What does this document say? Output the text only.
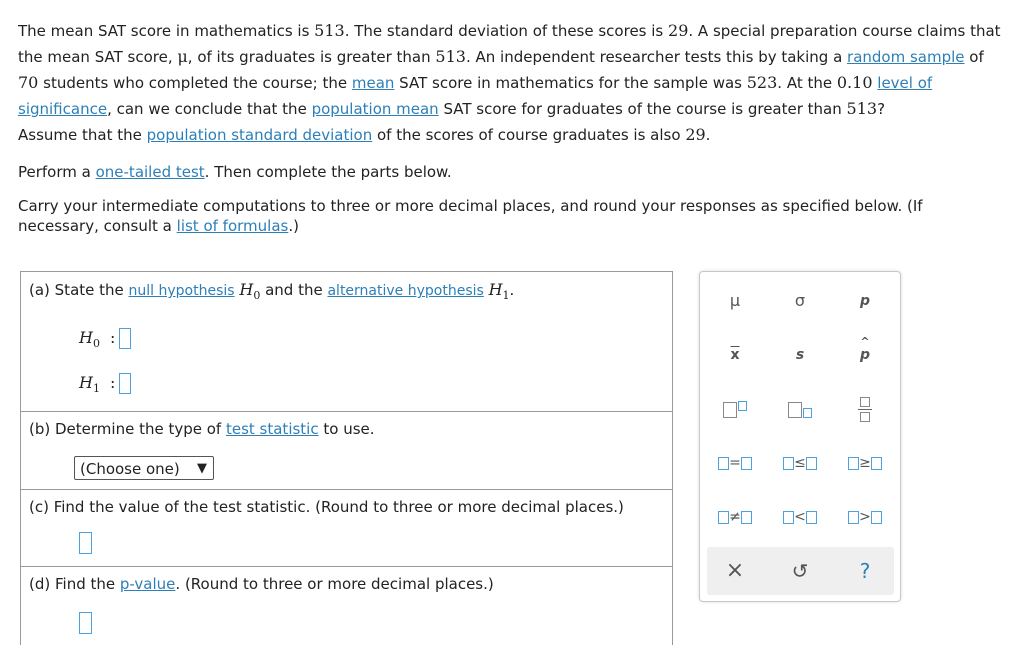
The mean SAT score in mathematics is 513. The standard deviation of these scores is 29. A special preparation course claims that the mean SAT score, μ, of its graduates is greater than 513. An independent researcher tests this by taking a random sample of 70 students who completed the course; the mean SAT score in mathematics for the sample was 523. At the 0.10 level of significance, can we conclude that the population mean SAT score for graduates of the course is greater than 513?
Assume that the population standard deviation of the scores of course graduates is also 29.
Perform a one-tailed test. Then complete the parts below.
Carry your intermediate computations to three or more decimal places, and round your responses as specified below. (If necessary, consult a list of formulas.)
(a) State the null hypothesis $H_0$ and the alternative hypothesis $H_1$.
$H_0$ :
$H_1$ :
(b) Determine the type of test statistic to use.
(Choose one) ▼
(c) Find the value of the test statistic. (Round to three or more decimal places.)
(d) Find the p-value. (Round to three or more decimal places.)
μ	σ	p
$\overline{x}$	s
^
p
=	≤	≥
≠	<	>
×	↺	?
